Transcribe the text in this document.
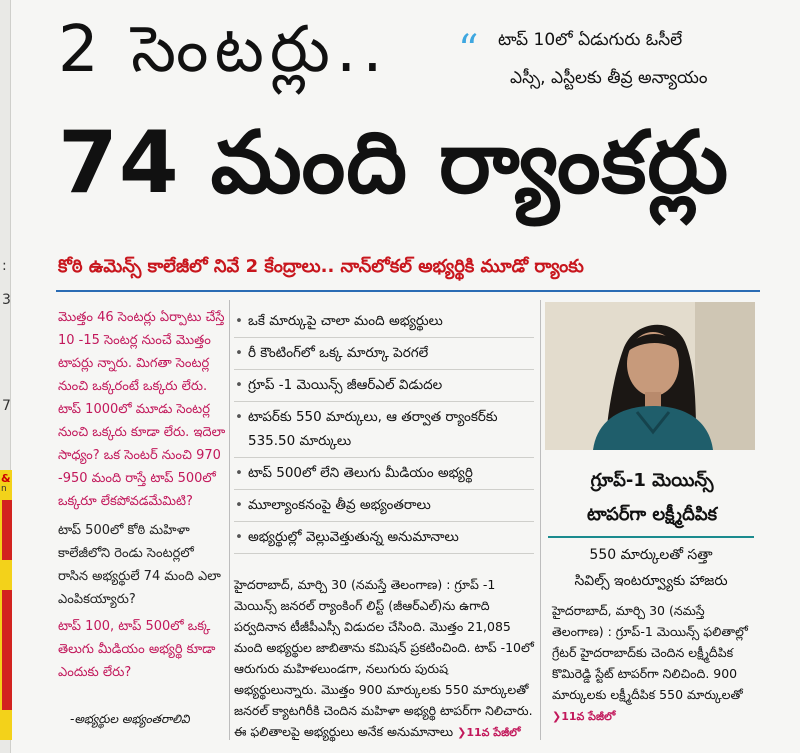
:
3
7
&
n
2 సెంటర్లు.. “ టాప్ 10లో ఏడుగురు ఓసీలే
ఎస్సీ, ఎస్టీలకు తీవ్ర అన్యాయం
74 మంది ర్యాంకర్లు
కోఠి ఉమెన్స్ కాలేజీలో నివే 2 కేంద్రాలు.. నాన్‌లోకల్ అభ్యర్థికి మూడో ర్యాంకు

మొత్తం 46 సెంటర్లు ఏర్పాటు చేస్తే 10 -15 సెంటర్ల నుంచే మొత్తం టాపర్లు న్నారు. మిగతా సెంటర్ల నుంచి ఒక్కరంటే ఒక్కరు లేరు. టాప్ 1000లో మూడు సెంటర్ల నుంచి ఒక్కరు కూడా లేరు. ఇదెలా సాధ్యం? ఒక సెంటర్ నుంచి 970 -950 మంది రాస్తే టాప్ 500లో ఒక్కరూ లేకపోవడమేమిటి?

టాప్ 500లో కోఠి మహిళా కాలేజీలోని రెండు సెంటర్లలో రాసిన అభ్యర్థులే 74 మంది ఎలా ఎంపికయ్యారు?

టాప్ 100, టాప్ 500లో ఒక్క తెలుగు మీడియం అభ్యర్థి కూడా ఎందుకు లేరు?

-అభ్యర్థుల అభ్యంతరాలివి
• ఒకే మార్కుపై చాలా మంది అభ్యర్థులు
• రీ కౌంటింగ్‌లో ఒక్క మార్కూ పెరగలే
• గ్రూప్ -1 మెయిన్స్ జీఆర్ఎల్ విడుదల
• టాపర్‌కు 550 మార్కులు, ఆ తర్వాత ర్యాంకర్‌కు 535.50 మార్కులు
• టాప్ 500లో లేని తెలుగు మీడియం అభ్యర్థి
• మూల్యాంకనంపై తీవ్ర అభ్యంతరాలు
• అభ్యర్థుల్లో వెల్లువెత్తుతున్న అనుమానాలు

హైదరాబాద్, మార్చి 30 (నమస్తే తెలంగాణ) : గ్రూప్ -1 మెయిన్స్ జనరల్ ర్యాంకింగ్ లిస్ట్ (జీఆర్ఎల్)ను ఉగాది పర్వదినాన టీజీపీఎస్సీ విడుదల చేసింది. మొత్తం 21,085 మంది అభ్యర్థుల జాబితాను కమిషన్ ప్రకటించింది. టాప్ -10లో ఆరుగురు మహిళలుండగా, నలుగురు పురుష అభ్యర్థులున్నారు. మొత్తం 900 మార్కులకు 550 మార్కులతో జనరల్ క్యాటగిరీకి చెందిన మహిళా అభ్యర్థి టాపర్‌గా నిలిచారు. ఈ ఫలితాలపై అభ్యర్థులు అనేక అనుమానాలు ❯11వ పేజీలో

గ్రూప్-1 మెయిన్స్
టాపర్‌గా లక్ష్మీదీపిక
550 మార్కులతో సత్తా
సివిల్స్ ఇంటర్వ్యూకు హాజరు

హైదరాబాద్, మార్చి 30 (నమస్తే తెలంగాణ) : గ్రూప్-1 మెయిన్స్ ఫలితాల్లో గ్రేటర్ హైదరాబాద్‌కు చెందిన లక్ష్మీదీపిక కొమిరెడ్డి స్టేట్ టాపర్‌గా నిలిచింది. 900 మార్కులకు లక్ష్మీదీపిక 550 మార్కులతో ❯11వ పేజీలో
